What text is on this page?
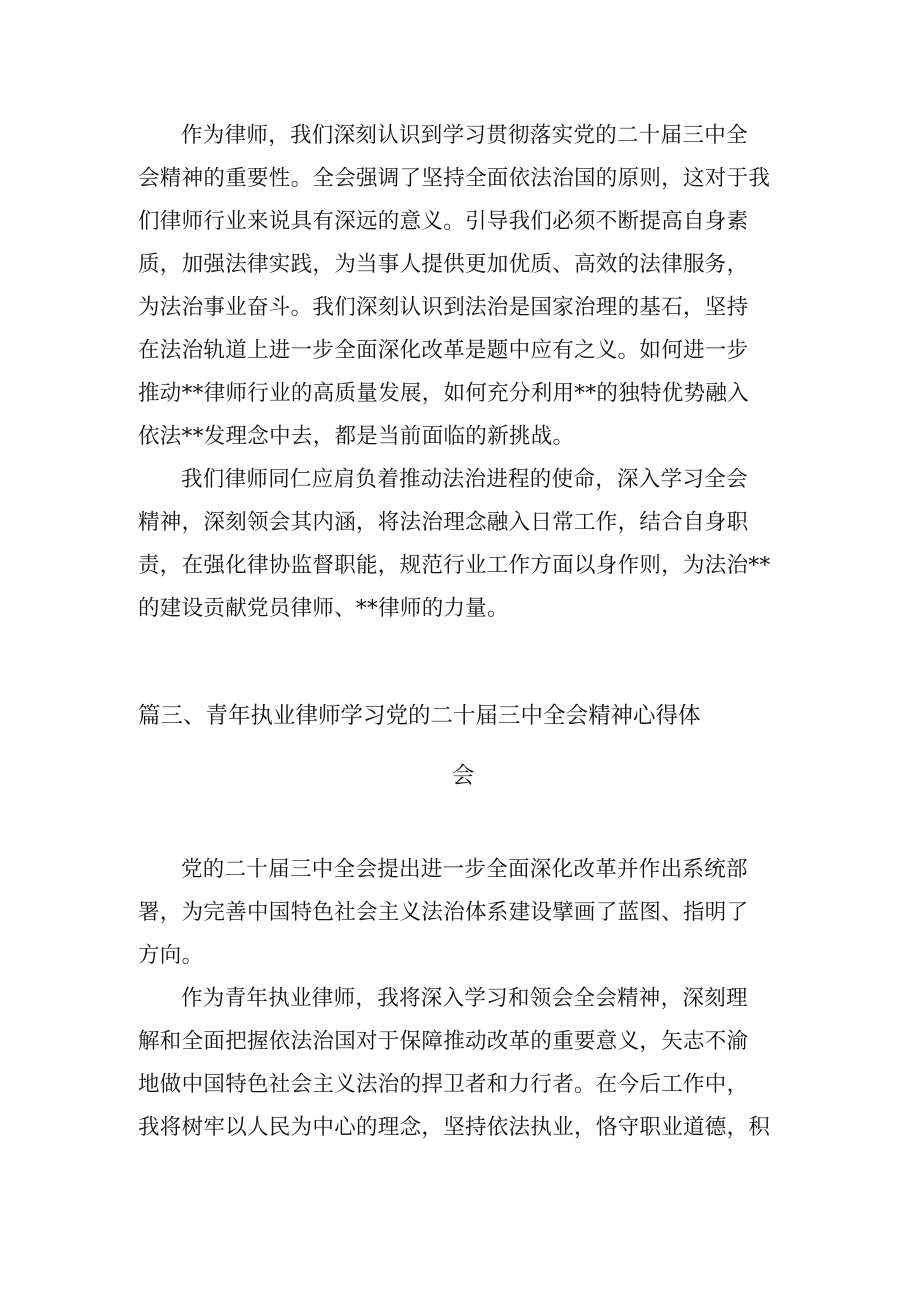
作为律师，我们深刻认识到学习贯彻落实党的二十届三中全
会精神的重要性。全会强调了坚持全面依法治国的原则，这对于我
们律师行业来说具有深远的意义。引导我们必须不断提高自身素
质，加强法律实践，为当事人提供更加优质、高效的法律服务，
为法治事业奋斗。我们深刻认识到法治是国家治理的基石，坚持
在法治轨道上进一步全面深化改革是题中应有之义。如何进一步
推动**律师行业的高质量发展，如何充分利用**的独特优势融入
依法**发理念中去，都是当前面临的新挑战。
我们律师同仁应肩负着推动法治进程的使命，深入学习全会
精神，深刻领会其内涵，将法治理念融入日常工作，结合自身职
责，在强化律协监督职能，规范行业工作方面以身作则，为法治**
的建设贡献党员律师、**律师的力量。
篇三、青年执业律师学习党的二十届三中全会精神心得体
会
党的二十届三中全会提出进一步全面深化改革并作出系统部
署，为完善中国特色社会主义法治体系建设擘画了蓝图、指明了
方向。
作为青年执业律师，我将深入学习和领会全会精神，深刻理
解和全面把握依法治国对于保障推动改革的重要意义，矢志不渝
地做中国特色社会主义法治的捍卫者和力行者。在今后工作中，
我将树牢以人民为中心的理念，坚持依法执业，恪守职业道德，积
